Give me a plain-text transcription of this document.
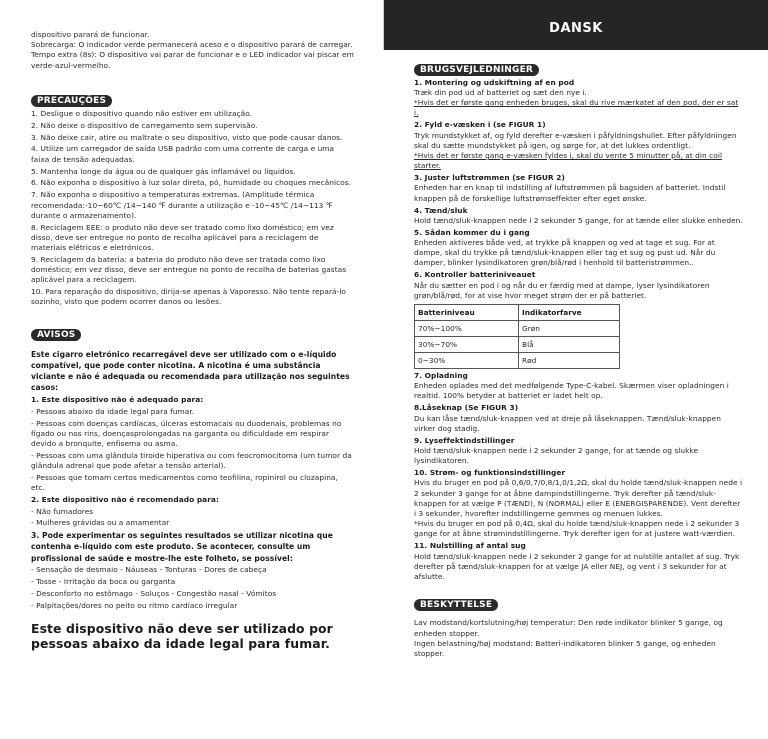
dispositivo parará de funcionar.

Sobrecarga: O indicador verde permanecerá aceso e o dispositivo parará de carregar.

Tempo extra (8s): O dispositivo vai parar de funcionar e o LED indicador vai piscar em verde-azul-vermelho.

PRECAUÇÕES

1. Desligue o dispositivo quando não estiver em utilização.

2. Não deixe o dispositivo de carregamento sem supervisão.

3. Não deixe cair, atire ou maltrate o seu dispositivo, visto que pode causar danos.

4. Utilize um carregador de saída USB padrão com uma corrente de carga e uma faixa de tensão adequadas.

5. Mantenha longe da água ou de qualquer gás inflamável ou líquidos.

6. Não exponha o dispositivo à luz solar direta, pó, humidade ou choques mecânicos.

7. Não exponha o dispositivo a temperaturas extremas. (Amplitude térmica recomendada:-10~60℃ /14~140 ℉ durante a utilização e -10~45℃ /14~113 ℉ durante o armazenamento).

8. Reciclagem EEE: o produto não deve ser tratado como lixo doméstico; em vez disso, deve ser entregue no ponto de recolha aplicável para a reciclagem de materiais elétricos e eletrónicos.

9. Reciclagem da bateria: a bateria do produto não deve ser tratada como lixo doméstico; em vez disso, deve ser entregue no ponto de recolha de baterias gastas aplicável para a reciclagem.

10. Para reparação do dispositivo, dirija-se apenas à Vaporesso. Não tente repará-lo sozinho, visto que podem ocorrer danos ou lesões.

AVISOS

Este cigarro eletrónico recarregável deve ser utilizado com o e-líquido compatível, que pode conter nicotina. A nicotina é uma substância viciante e não é adequada ou recomendada para utilização nos seguintes casos:

1. Este dispositivo não é adequado para:

- Pessoas abaixo da idade legal para fumar.

- Pessoas com doenças cardíacas, úlceras estomacais ou duodenais, problemas no fígado ou nos rins, doençasprolongadas na garganta ou dificuldade em respirar devido a bronquite, enfisema ou asma.

- Pessoas com uma glândula tiroide hiperativa ou com feocromocitoma (um tumor da glândula adrenal que pode afetar a tensão arterial).

- Pessoas que tomam certos medicamentos como teofilina, ropinirol ou clozapina, etc.

2. Este dispositivo não é recomendado para:

- Não fumadores

- Mulheres grávidas ou a amamentar

3. Pode experimentar os seguintes resultados se utilizar nicotina que contenha e-líquido com este produto. Se acontecer, consulte um profissional de saúde e mostre-lhe este folheto, se possível:

- Sensação de desmaio - Náuseas - Tonturas - Dores de cabeça

- Tosse - Irritação da boca ou garganta

- Desconforto no estômago - Soluços - Congestão nasal - Vómitos

- Palpitações/dores no peito ou ritmo cardíaco irregular

Este dispositivo não deve ser utilizado por pessoas abaixo da idade legal para fumar.

DANSK
BRUGSVEJLEDNINGER

1. Montering og udskiftning af en pod

Træk din pod ud af batteriet og sæt den nye i.

*Hvis det er første gang enheden bruges, skal du rive mærkatet af den pod, der er sat i.

2. Fyld e-væsken i (se FIGUR 1)

Tryk mundstykket af, og fyld derefter e-væsken i påfyldningshullet. Efter påfyldningen skal du sætte mundstykket på igen, og sørge for, at det lukkes ordentligt.

*Hvis det er første gang e-væsken fyldes i, skal du vente 5 minutter på, at din coil starter.

3. Juster luftstrømmen (se FIGUR 2)

Enheden har en knap til indstilling af luftstrømmen på bagsiden af batteriet. Indstil knappen på de forskellige luftstrømseffekter efter eget ønske.

4. Tænd/sluk

Hold tænd/sluk-knappen nede i 2 sekunder 5 gange, for at tænde eller slukke enheden.

5. Sådan kommer du i gang

Enheden aktiveres både ved, at trykke på knappen og ved at tage et sug. For at dampe, skal du trykke på tænd/sluk-knappen eller tag et sug og pust ud. Når du damper, blinker lysindikatoren grøn/blå/rød i henhold til batteristrømmen..

6. Kontroller batteriniveauet

Når du sætter en pod i og når du er færdig med at dampe, lyser lysindikatoren grøn/blå/rød, for at vise hvor meget strøm der er på batteriet.

Batteriniveau	Indikatorfarve
70%~100%	Grøn
30%~70%	Blå
0~30%	Rød

7. Opladning

Enheden oplades med det medfølgende Type-C-kabel. Skærmen viser opladningen i realtid. 100% betyder at batteriet er ladet helt op.

8.Låseknap (Se FIGUR 3)

Du kan låse tænd/sluk-knappen ved at dreje på låseknappen. Tænd/sluk-knappen virker dog stadig.

9. Lyseffektindstillinger

Hold tænd/sluk-knappen nede i 2 sekunder 2 gange, for at tænde og slukke lysindikatoren.

10. Strøm- og funktionsindstillinger

Hvis du bruger en pod på 0,6/0,7/0,8/1,0/1,2Ω, skal du holde tænd/sluk-knappen nede i 2 sekunder 3 gange for at åbne dampindstillingerne. Tryk derefter på tænd/sluk-knappen for at vælge P (TÆND), N (NORMAL) eller E (ENERGISPARENDE). Vent derefter i 3 sekunder, hvorefter indstillingerne gemmes og menuen lukkes.

*Hvis du bruger en pod på 0,4Ω, skal du holde tænd/sluk-knappen nede i 2 sekunder 3 gange for at åbne strømindstillingerne. Tryk derefter igen for at justere watt-værdien.

11. Nulstilling af antal sug

Hold tænd/sluk-knappen nede i 2 sekunder 2 gange for at nulstille antallet af sug. Tryk derefter på tænd/sluk-knappen for at vælge JA eller NEJ, og vent i 3 sekunder for at afslutte.

BESKYTTELSE

Lav modstand/kortslutning/høj temperatur: Den røde indikator blinker 5 gange, og enheden stopper.

Ingen belastning/høj modstand: Batteri-indikatoren blinker 5 gange, og enheden stopper.
